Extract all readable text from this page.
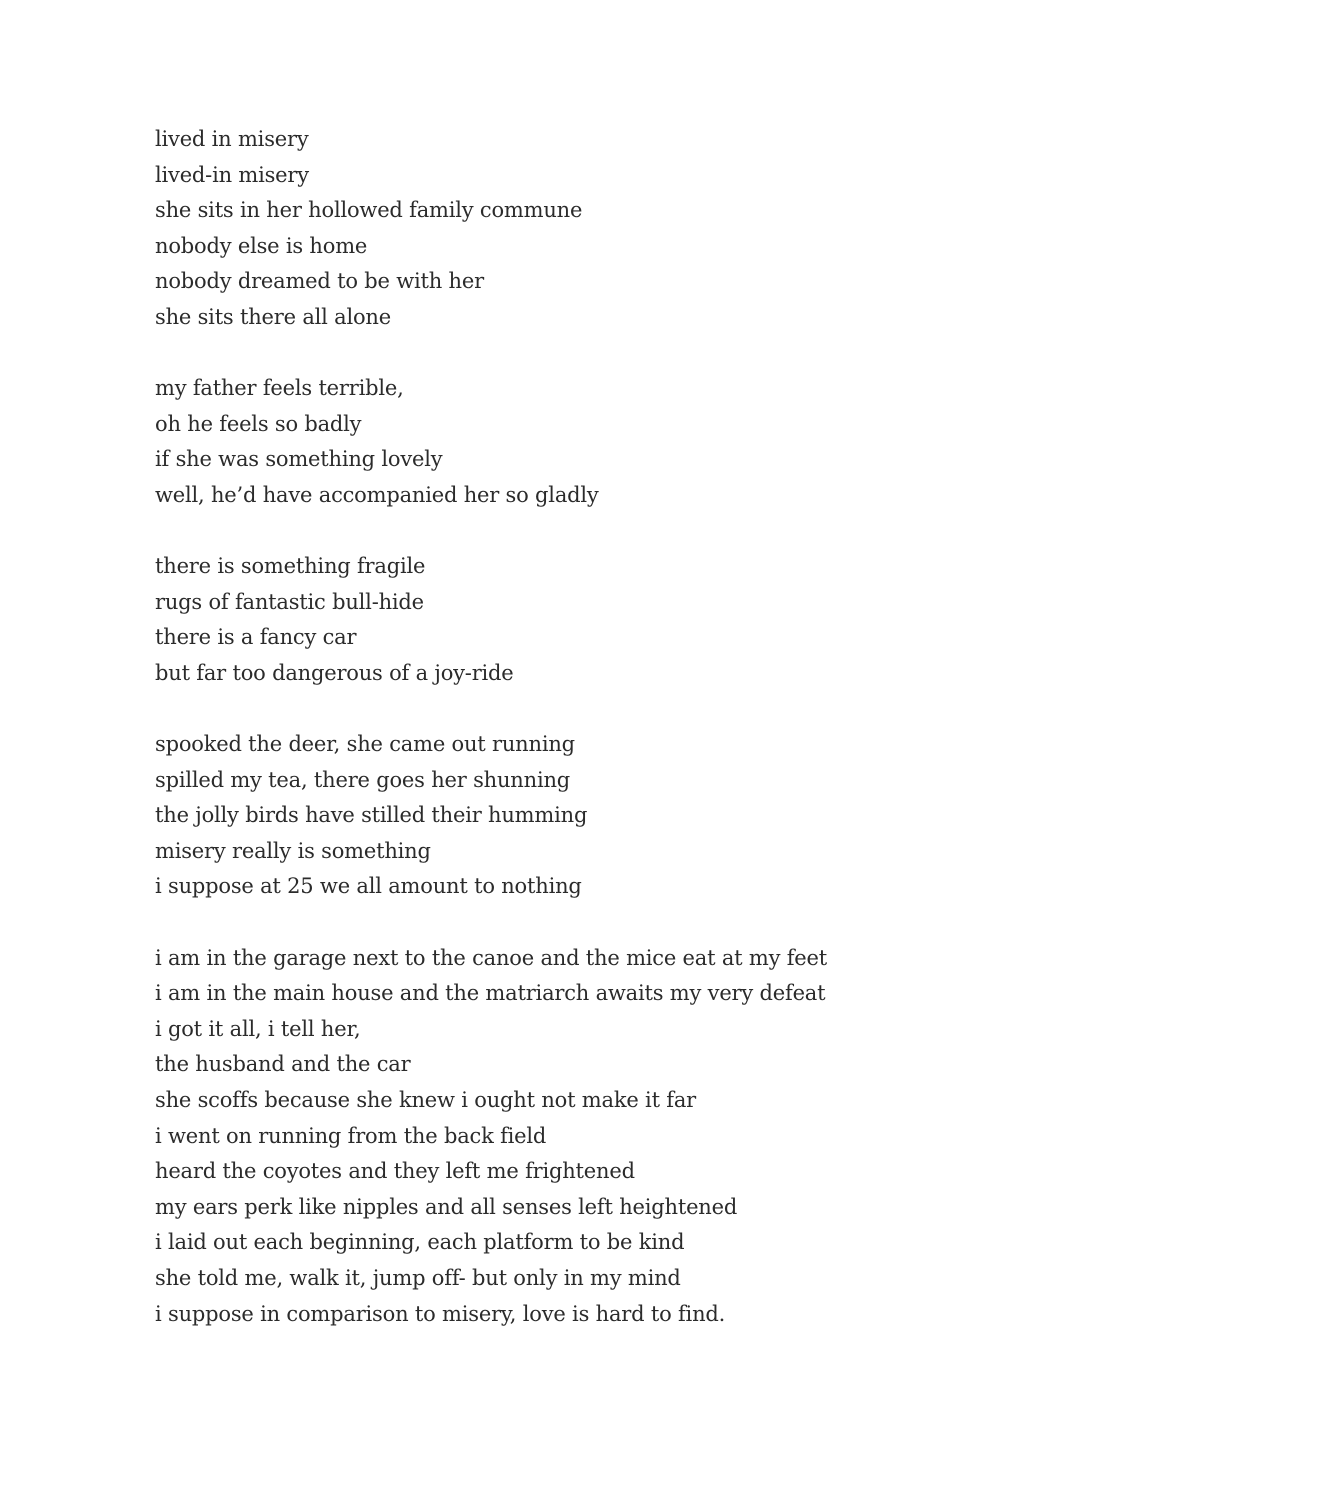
lived in misery
lived-in misery
she sits in her hollowed family commune
nobody else is home
nobody dreamed to be with her
she sits there all alone
my father feels terrible,
oh he feels so badly
if she was something lovely
well, he’d have accompanied her so gladly
there is something fragile
rugs of fantastic bull-hide
there is a fancy car
but far too dangerous of a joy-ride
spooked the deer, she came out running
spilled my tea, there goes her shunning
the jolly birds have stilled their humming
misery really is something
i suppose at 25 we all amount to nothing
i am in the garage next to the canoe and the mice eat at my feet
i am in the main house and the matriarch awaits my very defeat
i got it all, i tell her,
the husband and the car
she scoffs because she knew i ought not make it far
i went on running from the back field
heard the coyotes and they left me frightened
my ears perk like nipples and all senses left heightened
i laid out each beginning, each platform to be kind
she told me, walk it, jump off- but only in my mind
i suppose in comparison to misery, love is hard to find.
